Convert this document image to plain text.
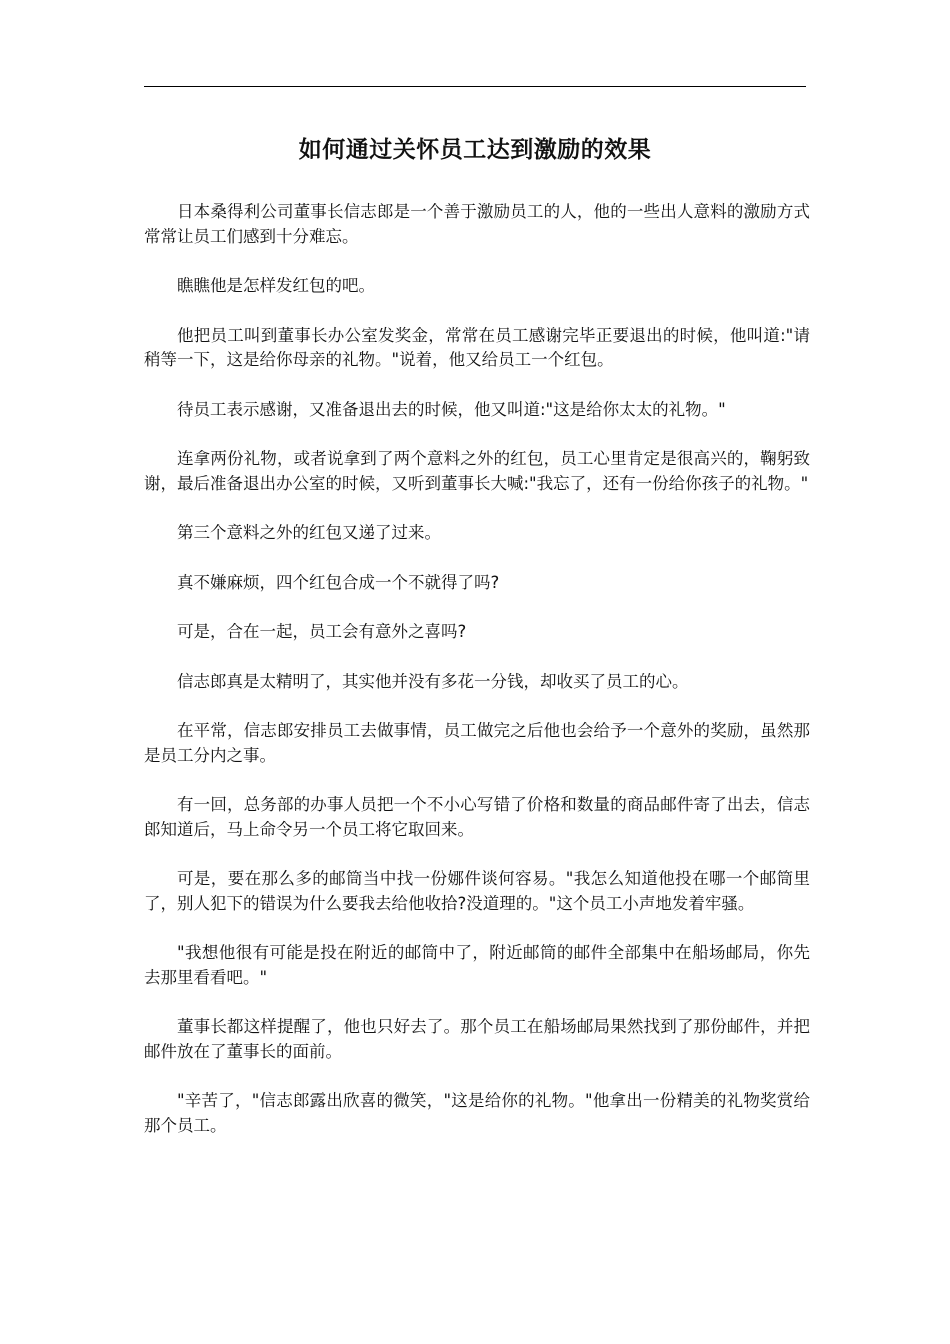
如何通过关怀员工达到激励的效果

日本桑得利公司董事长信志郎是一个善于激励员工的人，他的一些出人意料的激励方式常常让员工们感到十分难忘。

瞧瞧他是怎样发红包的吧。

他把员工叫到董事长办公室发奖金，常常在员工感谢完毕正要退出的时候，他叫道:"请稍等一下，这是给你母亲的礼物。"说着，他又给员工一个红包。

待员工表示感谢，又准备退出去的时候，他又叫道:"这是给你太太的礼物。"

连拿两份礼物，或者说拿到了两个意料之外的红包，员工心里肯定是很高兴的，鞠躬致谢，最后准备退出办公室的时候，又听到董事长大喊:"我忘了，还有一份给你孩子的礼物。"

第三个意料之外的红包又递了过来。

真不嫌麻烦，四个红包合成一个不就得了吗?

可是，合在一起，员工会有意外之喜吗?

信志郎真是太精明了，其实他并没有多花一分钱，却收买了员工的心。

在平常，信志郎安排员工去做事情，员工做完之后他也会给予一个意外的奖励，虽然那是员工分内之事。

有一回，总务部的办事人员把一个不小心写错了价格和数量的商品邮件寄了出去，信志郎知道后，马上命令另一个员工将它取回来。

可是，要在那么多的邮筒当中找一份娜件谈何容易。"我怎么知道他投在哪一个邮筒里了，别人犯下的错误为什么要我去给他收拾?没道理的。"这个员工小声地发着牢骚。

"我想他很有可能是投在附近的邮筒中了，附近邮筒的邮件全部集中在船场邮局，你先去那里看看吧。"

董事长都这样提醒了，他也只好去了。那个员工在船场邮局果然找到了那份邮件，并把邮件放在了董事长的面前。

"辛苦了，"信志郎露出欣喜的微笑，"这是给你的礼物。"他拿出一份精美的礼物奖赏给那个员工。
